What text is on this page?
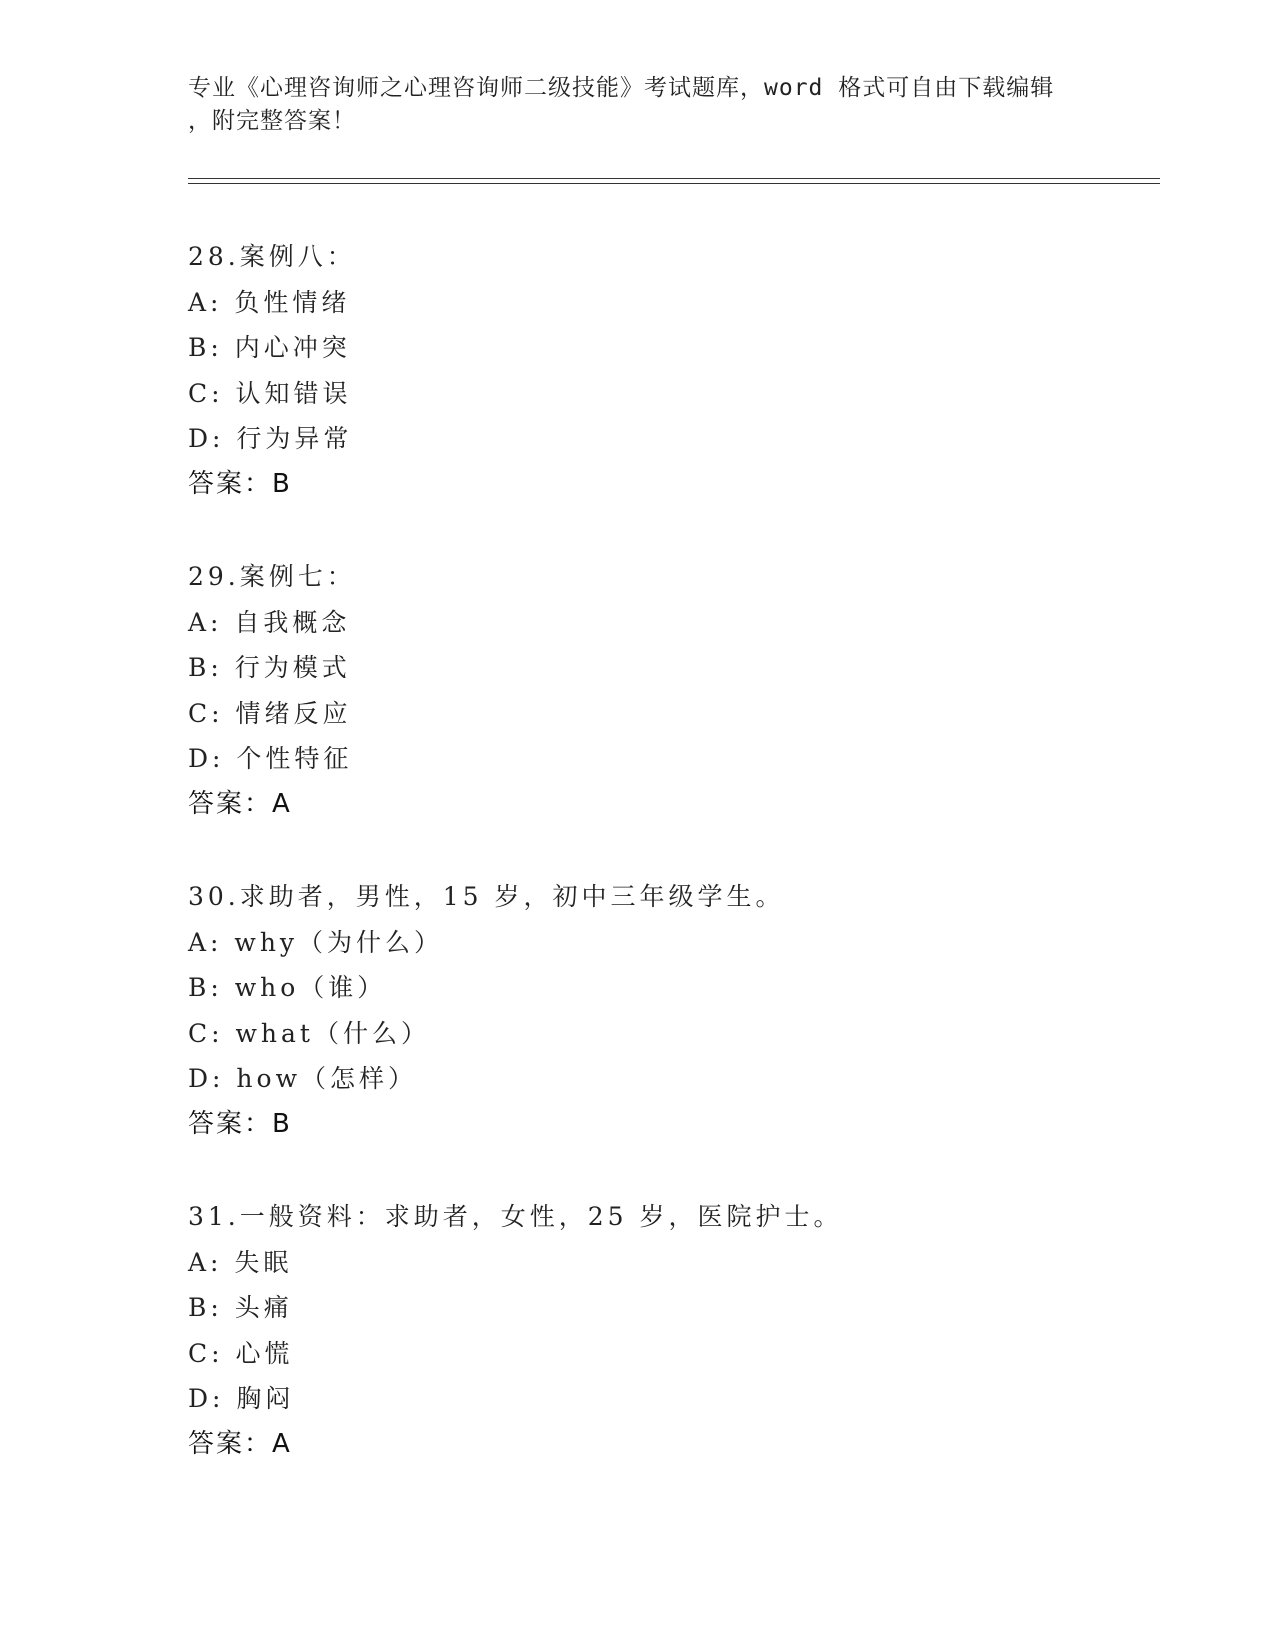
专业《心理咨询师之心理咨询师二级技能》考试题库，word 格式可自由下载编辑
，附完整答案！
28.案例八：
A: 负性情绪
B: 内心冲突
C: 认知错误
D: 行为异常
答案：B
29.案例七：
A: 自我概念
B: 行为模式
C: 情绪反应
D: 个性特征
答案：A
30.求助者，男性，15 岁，初中三年级学生。
A: why（为什么）
B: who（谁）
C: what（什么）
D: how（怎样）
答案：B
31.一般资料：求助者，女性，25 岁，医院护士。
A: 失眠
B: 头痛
C: 心慌
D: 胸闷
答案：A
